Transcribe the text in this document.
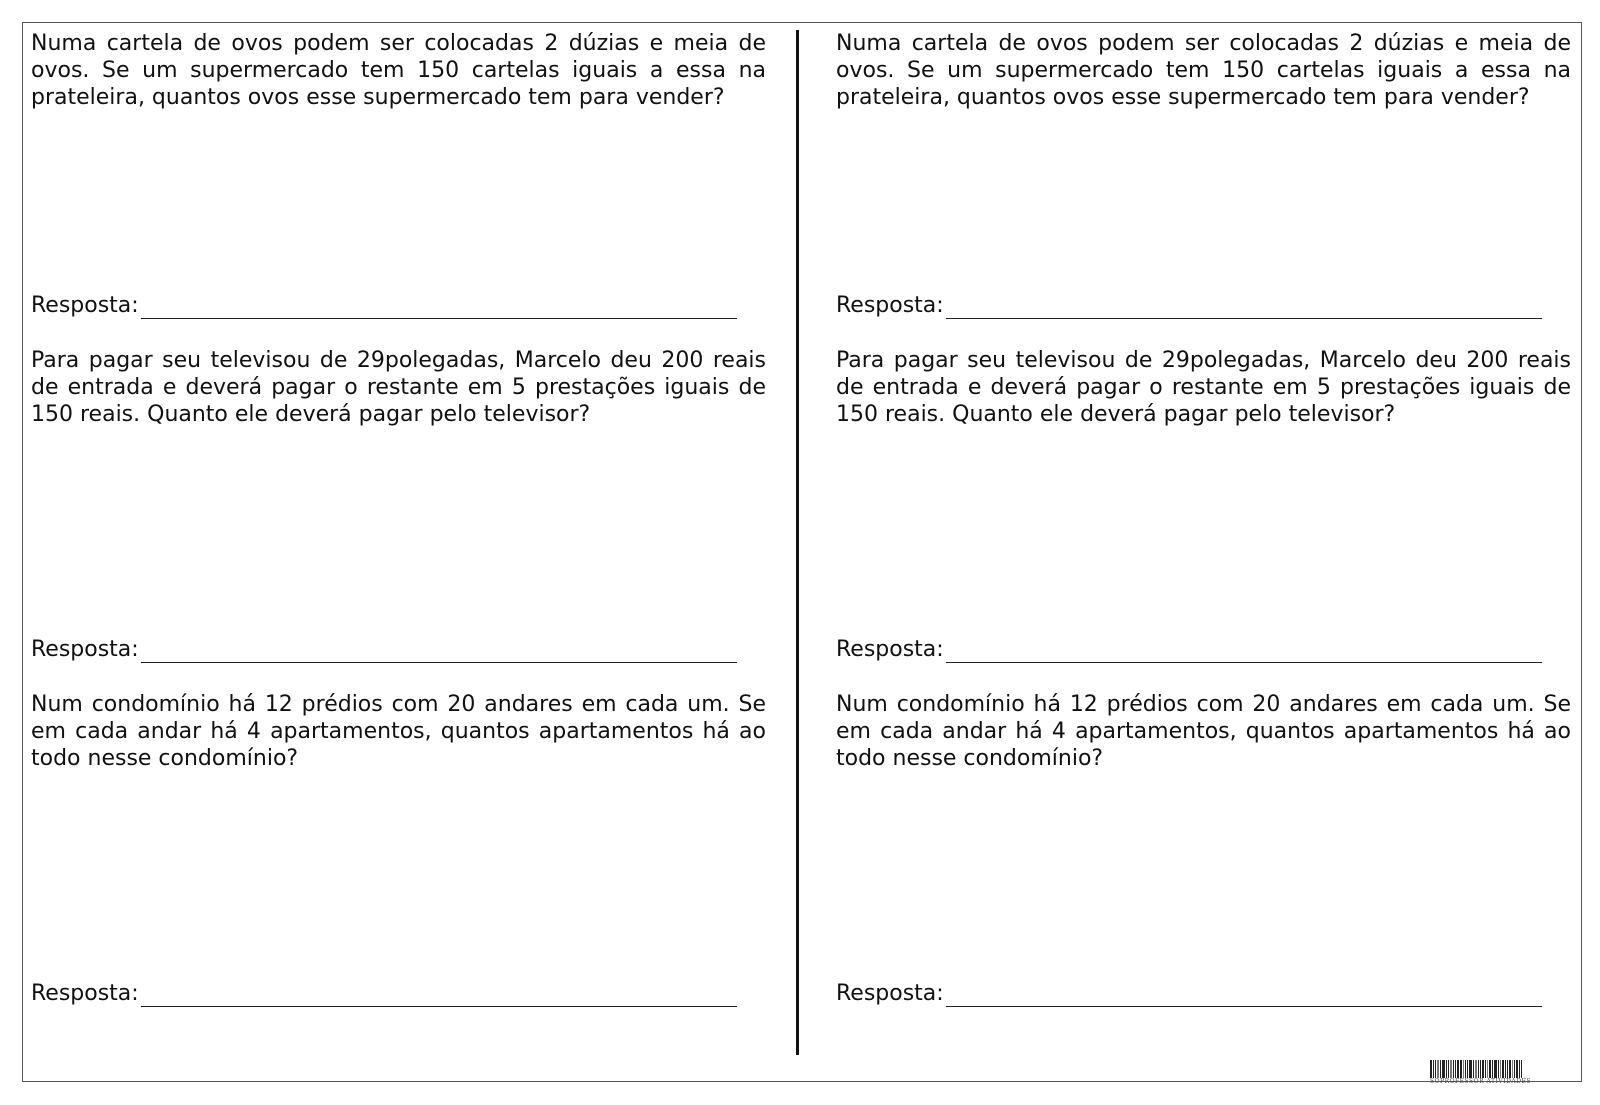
Numa cartela de ovos podem ser colocadas 2 dúzias e meia de ovos. Se um supermercado tem 150 cartelas iguais a essa na prateleira, quantos ovos esse supermercado tem para vender?

Resposta:

Para pagar seu televisou de 29polegadas, Marcelo deu 200 reais de entrada e deverá pagar o restante em 5 prestações iguais de 150 reais. Quanto ele deverá pagar pelo televisor?

Resposta:

Num condomínio há 12 prédios com 20 andares em cada um. Se em cada andar há 4 apartamentos, quantos apartamentos há ao todo nesse condomínio?

Resposta:

Numa cartela de ovos podem ser colocadas 2 dúzias e meia de ovos. Se um supermercado tem 150 cartelas iguais a essa na prateleira, quantos ovos esse supermercado tem para vender?

Resposta:

Para pagar seu televisou de 29polegadas, Marcelo deu 200 reais de entrada e deverá pagar o restante em 5 prestações iguais de 150 reais. Quanto ele deverá pagar pelo televisor?

Resposta:

Num condomínio há 12 prédios com 20 andares em cada um. Se em cada andar há 4 apartamentos, quantos apartamentos há ao todo nesse condomínio?

Resposta:
SOPROFESSOR ATIVIDADES
